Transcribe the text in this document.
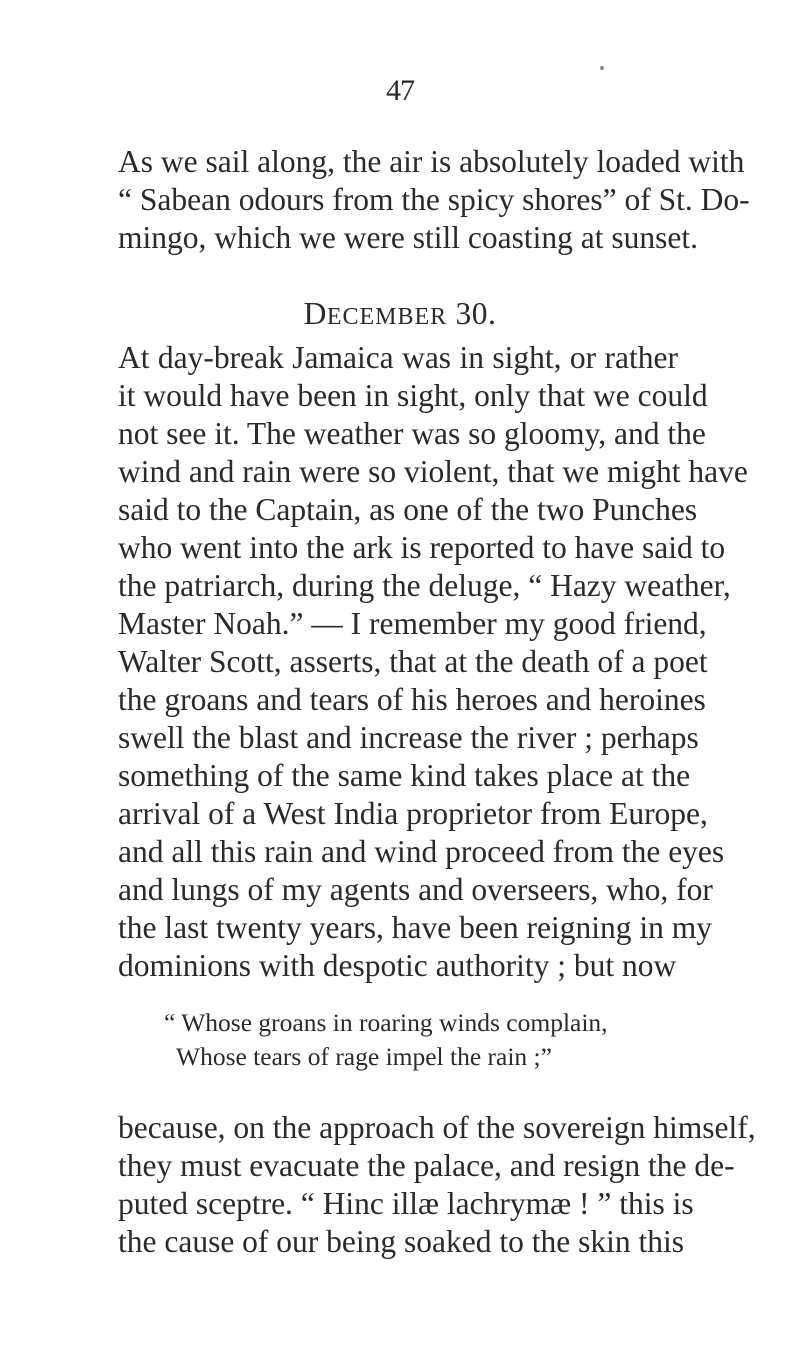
47
As we sail along, the air is absolutely loaded with
“ Sabean odours from the spicy shores” of St. Do-
mingo, which we were still coasting at sunset.
DECEMBER 30.
At day-break Jamaica was in sight, or rather
it would have been in sight, only that we could
not see it. The weather was so gloomy, and the
wind and rain were so violent, that we might have
said to the Captain, as one of the two Punches
who went into the ark is reported to have said to
the patriarch, during the deluge, “ Hazy weather,
Master Noah.” — I remember my good friend,
Walter Scott, asserts, that at the death of a poet
the groans and tears of his heroes and heroines
swell the blast and increase the river ; perhaps
something of the same kind takes place at the
arrival of a West India proprietor from Europe,
and all this rain and wind proceed from the eyes
and lungs of my agents and overseers, who, for
the last twenty years, have been reigning in my
dominions with despotic authority ; but now
“ Whose groans in roaring winds complain,
Whose tears of rage impel the rain ;”
because, on the approach of the sovereign himself,
they must evacuate the palace, and resign the de-
puted sceptre. “ Hinc illæ lachrymæ ! ” this is
the cause of our being soaked to the skin this
